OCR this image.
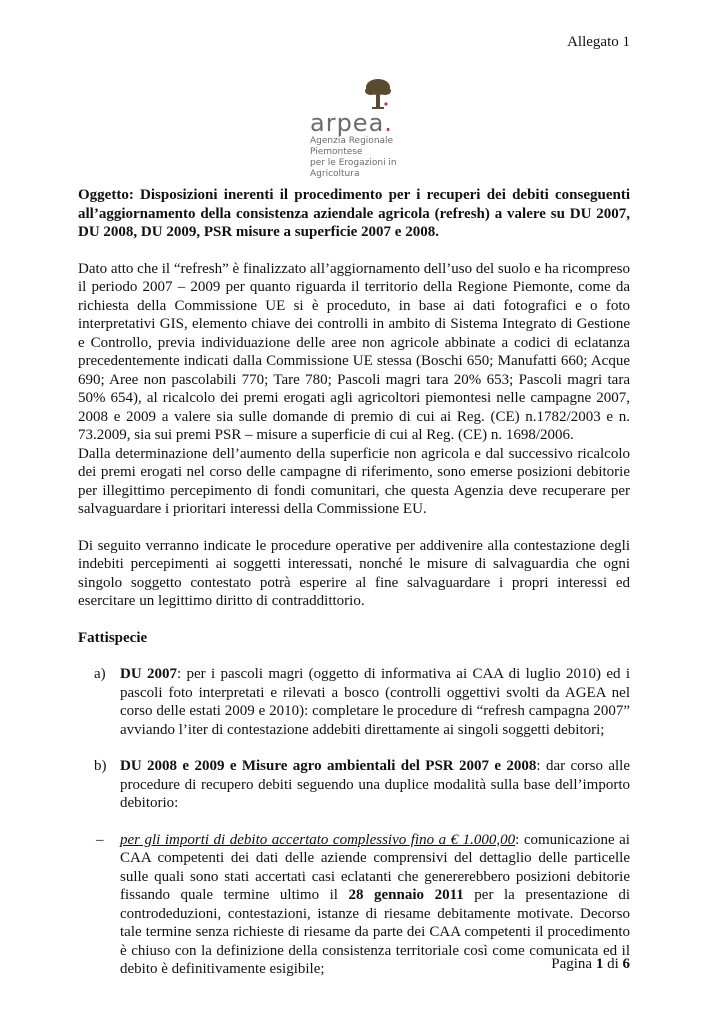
Allegato 1
arpea.
Agenzia Regionale Piemontese
per le Erogazioni in Agricoltura

Oggetto: Disposizioni inerenti il procedimento per i recuperi dei debiti conseguenti all’aggiornamento della consistenza aziendale agricola (refresh) a valere su DU 2007, DU 2008, DU 2009, PSR misure a superficie 2007 e 2008.

Dato atto che il “refresh” è finalizzato all’aggiornamento dell’uso del suolo e ha ricompreso il periodo 2007 – 2009 per quanto riguarda il territorio della Regione Piemonte, come da richiesta della Commissione UE si è proceduto, in base ai dati fotografici e o foto interpretativi GIS, elemento chiave dei controlli in ambito di Sistema Integrato di Gestione e Controllo, previa individuazione delle aree non agricole abbinate a codici di eclatanza precedentemente indicati dalla Commissione UE stessa (Boschi 650; Manufatti 660; Acque 690; Aree non pascolabili 770; Tare 780; Pascoli magri tara 20% 653; Pascoli magri tara 50% 654), al ricalcolo dei premi erogati agli agricoltori piemontesi nelle campagne 2007, 2008 e 2009 a valere sia sulle domande di premio di cui ai Reg. (CE) n.1782/2003 e n. 73.2009, sia sui premi PSR – misure a superficie di cui al Reg. (CE) n. 1698/2006.

Dalla determinazione dell’aumento della superficie non agricola e dal successivo ricalcolo dei premi erogati nel corso delle campagne di riferimento, sono emerse posizioni debitorie per illegittimo percepimento di fondi comunitari, che questa Agenzia deve recuperare per salvaguardare i prioritari interessi della Commissione EU.

Di seguito verranno indicate le procedure operative per addivenire alla contestazione degli indebiti percepimenti ai soggetti interessati, nonché le misure di salvaguardia che ogni singolo soggetto contestato potrà esperire al fine salvaguardare i propri interessi ed esercitare un legittimo diritto di contraddittorio.

Fattispecie

a) DU 2007: per i pascoli magri (oggetto di informativa ai CAA di luglio 2010) ed i pascoli foto interpretati e rilevati a bosco (controlli oggettivi svolti da AGEA nel corso delle estati 2009 e 2010): completare le procedure di “refresh campagna 2007” avviando l’iter di contestazione addebiti direttamente ai singoli soggetti debitori;

b) DU 2008 e 2009 e Misure agro ambientali del PSR 2007 e 2008: dar corso alle procedure di recupero debiti seguendo una duplice modalità sulla base dell’importo debitorio:

– per gli importi di debito accertato complessivo fino a € 1.000,00: comunicazione ai CAA competenti dei dati delle aziende comprensivi del dettaglio delle particelle sulle quali sono stati accertati casi eclatanti che genererebbero posizioni debitorie fissando quale termine ultimo il 28 gennaio 2011 per la presentazione di controdeduzioni, contestazioni, istanze di riesame debitamente motivate. Decorso tale termine senza richieste di riesame da parte dei CAA competenti il procedimento è chiuso con la definizione della consistenza territoriale così come comunicata ed il debito è definitivamente esigibile;	Pagina 1 di 6
